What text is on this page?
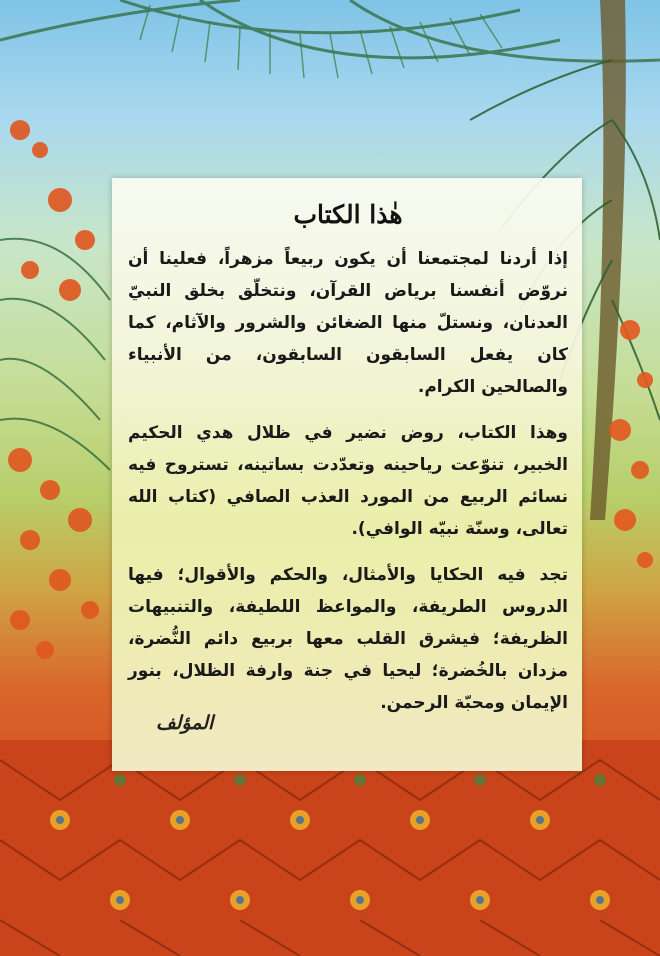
هٰذا الكتاب

إذا أردنا لمجتمعنا أن يكون ربيعاً مزهراً، فعلينا أن نروّض أنفسنا برياض القرآن، ونتخلّق بخلق النبيّ العدنان، ونستلّ منها الضغائن والشرور والآثام، كما كان يفعل السابقون السابقون، من الأنبياء والصالحين الكرام.

وهذا الكتاب، روض نضير في ظلال هدي الحكيم الخبير، تنوّعت رياحينه وتعدّدت بساتينه، تستروح فيه نسائم الربيع من المورد العذب الصافي (كتاب الله تعالى، وسنّة نبيّه الوافي).

تجد فيه الحكايا والأمثال، والحكم والأقوال؛ فيها الدروس الطريفة، والمواعظ اللطيفة، والتنبيهات الظريفة؛ فيشرق القلب معها بربيع دائم النُّضرة، مزدان بالخُضرة؛ ليحيا في جنة وارفة الظلال، بنور الإيمان ومحبّة الرحمن.

المؤلف
